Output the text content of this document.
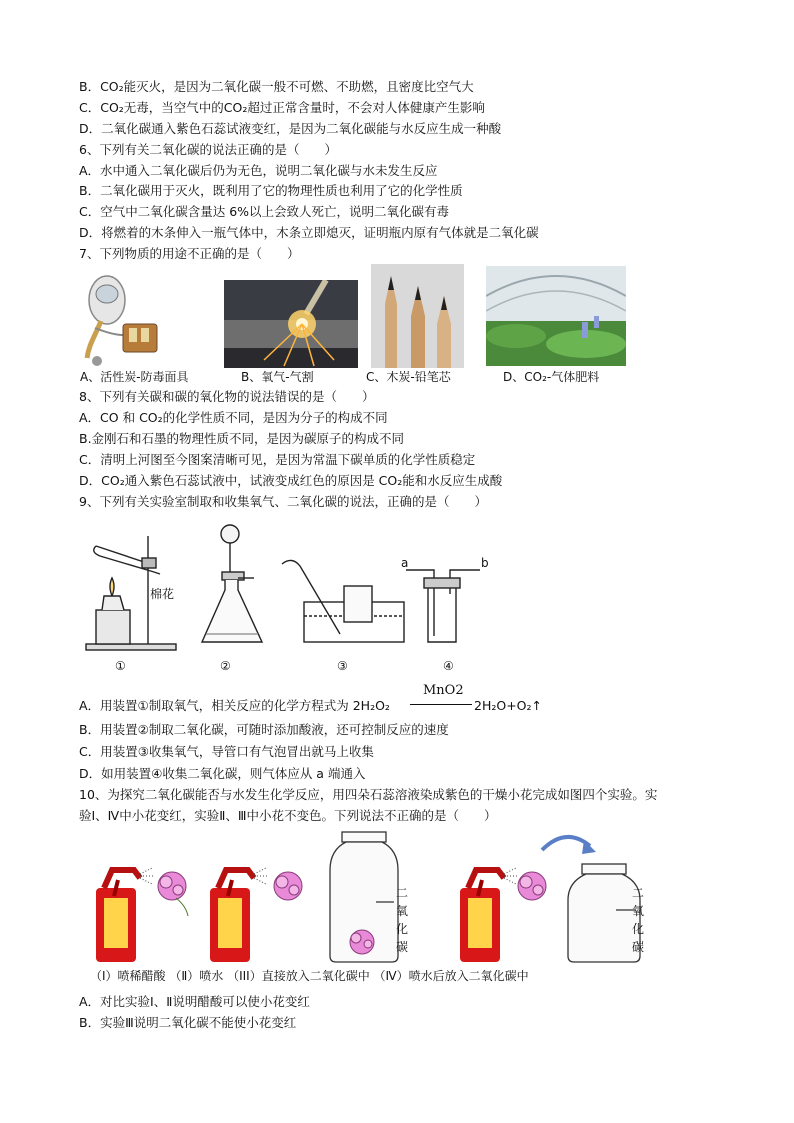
B．CO₂能灭火，是因为二氧化碳一般不可燃、不助燃，且密度比空气大
C．CO₂无毒，当空气中的CO₂超过正常含量时，不会对人体健康产生影响
D．二氧化碳通入紫色石蕊试液变红，是因为二氧化碳能与水反应生成一种酸
6、下列有关二氧化碳的说法正确的是（　　）
A．水中通入二氧化碳后仍为无色，说明二氧化碳与水未发生反应
B．二氧化碳用于灭火，既利用了它的物理性质也利用了它的化学性质
C．空气中二氧化碳含量达 6%以上会致人死亡，说明二氧化碳有毒
D．将燃着的木条伸入一瓶气体中，木条立即熄灭，证明瓶内原有气体就是二氧化碳
7、下列物质的用途不正确的是（　　）
A、活性炭-防毒面具	B、氧气-气割	C、木炭-铅笔芯	D、CO₂-气体肥料
8、下列有关碳和碳的氧化物的说法错误的是（　　）
A．CO 和 CO₂的化学性质不同，是因为分子的构成不同
B.金刚石和石墨的物理性质不同，是因为碳原子的构成不同
C．清明上河图至今图案清晰可见，是因为常温下碳单质的化学性质稳定
D．CO₂通入紫色石蕊试液中，试液变成红色的原因是 CO₂能和水反应生成酸
9、下列有关实验室制取和收集氧气、二氧化碳的说法，正确的是（　　）
棉花
a	b
①	②	③	④
A．用装置①制取氧气，相关反应的化学方程式为 2H₂O₂
MnO2
2H₂O+O₂↑
B．用装置②制取二氧化碳，可随时添加酸液，还可控制反应的速度
C．用装置③收集氧气，导管口有气泡冒出就马上收集
D．如用装置④收集二氧化碳，则气体应从 a 端通入
10、为探究二氧化碳能否与水发生化学反应，用四朵石蕊溶液染成紫色的干燥小花完成如图四个实验。实
验Ⅰ、Ⅳ中小花变红，实验Ⅱ、Ⅲ中小花不变色。下列说法不正确的是（　　）
二
氧
化
碳
二
氧
化
碳
（I）喷稀醋酸 （Ⅱ）喷水 （III）直接放入二氧化碳中 （Ⅳ）喷水后放入二氧化碳中
A．对比实验Ⅰ、Ⅱ说明醋酸可以使小花变红
B．实验Ⅲ说明二氧化碳不能使小花变红
